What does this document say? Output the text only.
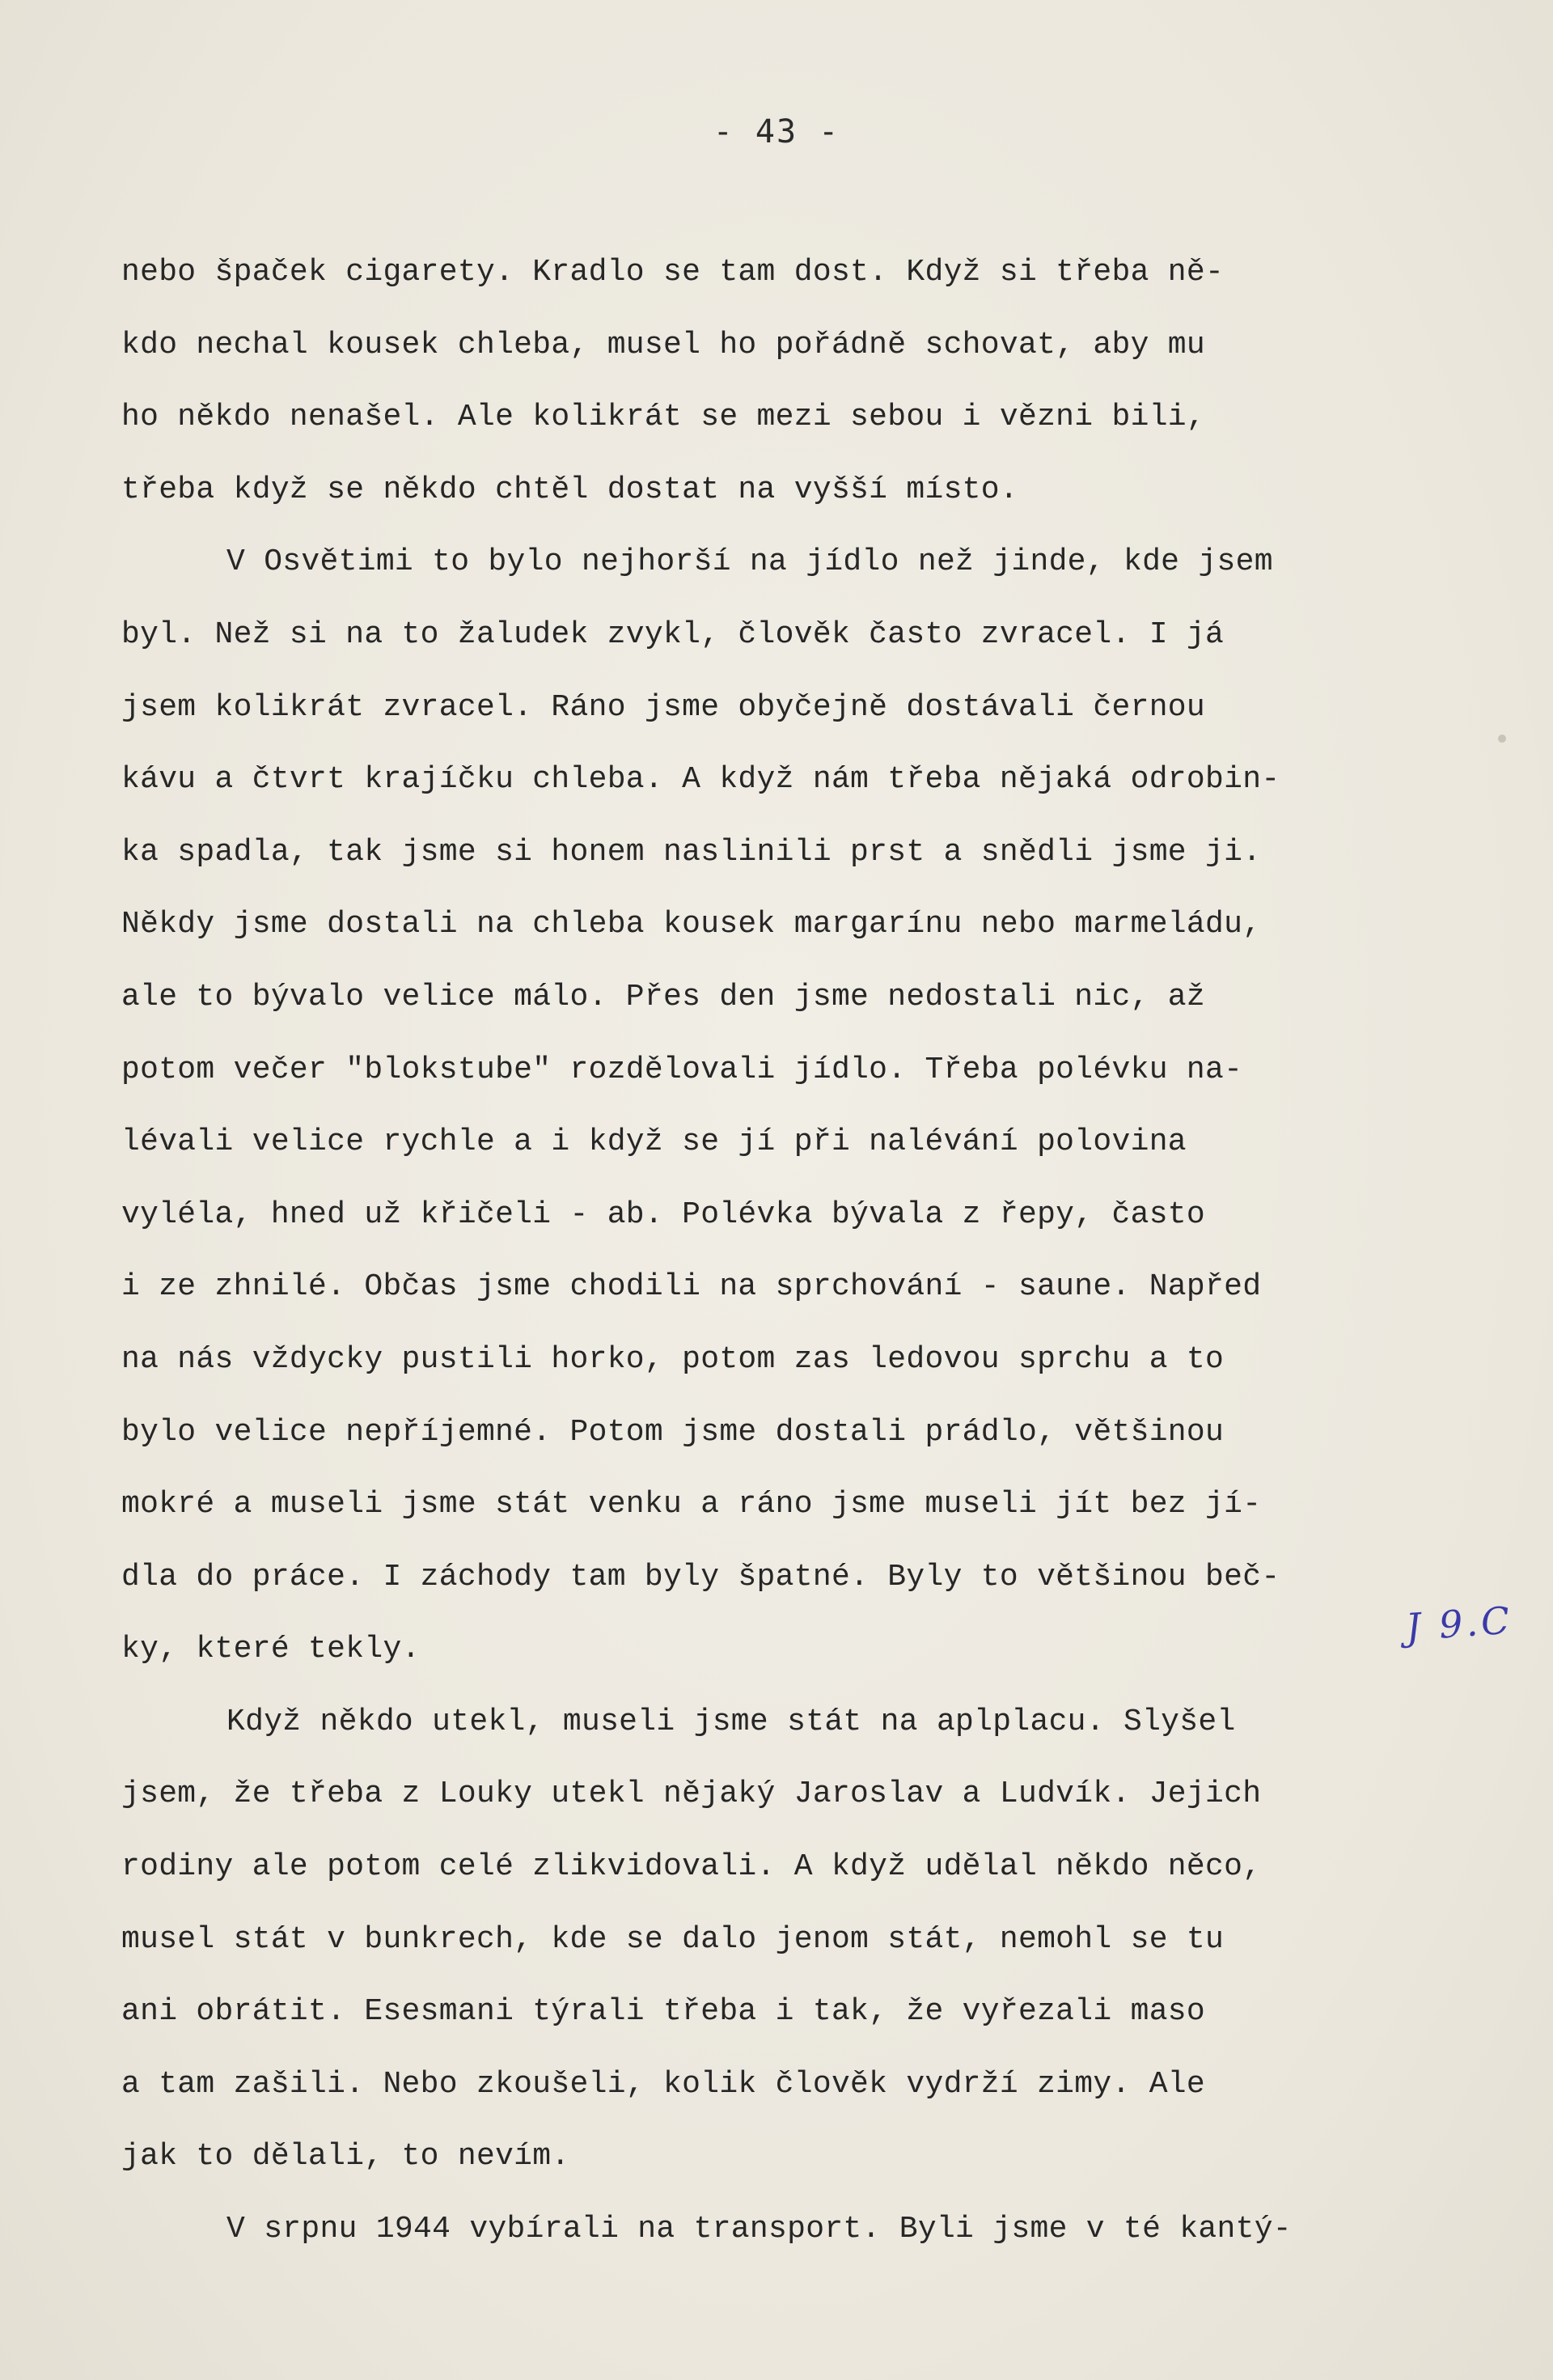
- 43 -
nebo špaček cigarety. Kradlo se tam dost. Když si třeba ně-
kdo nechal kousek chleba, musel ho pořádně schovat, aby mu
ho někdo nenašel. Ale kolikrát se mezi sebou i vězni bili,
třeba když se někdo chtěl dostat na vyšší místo.
V Osvětimi to bylo nejhorší na jídlo než jinde, kde jsem
byl. Než si na to žaludek zvykl, člověk často zvracel. I já
jsem kolikrát zvracel. Ráno jsme obyčejně dostávali černou
kávu a čtvrt krajíčku chleba. A když nám třeba nějaká odrobin-
ka spadla, tak jsme si honem naslinili prst a snědli jsme ji.
Někdy jsme dostali na chleba kousek margarínu nebo marmeládu,
ale to bývalo velice málo. Přes den jsme nedostali nic, až
potom večer "blokstube" rozdělovali jídlo. Třeba polévku na-
lévali velice rychle a i když se jí při nalévání polovina
vyléla, hned už křičeli - ab. Polévka bývala z řepy, často
i ze zhnilé. Občas jsme chodili na sprchování - saune. Napřed
na nás vždycky pustili horko, potom zas ledovou sprchu a to
bylo velice nepříjemné. Potom jsme dostali prádlo, většinou
mokré a museli jsme stát venku a ráno jsme museli jít bez jí-
dla do práce. I záchody tam byly špatné. Byly to většinou beč-
ky, které tekly.
Když někdo utekl, museli jsme stát na aplplacu. Slyšel
jsem, že třeba z Louky utekl nějaký Jaroslav a Ludvík. Jejich
rodiny ale potom celé zlikvidovali. A když udělal někdo něco,
musel stát v bunkrech, kde se dalo jenom stát, nemohl se tu
ani obrátit. Esesmani týrali třeba i tak, že vyřezali maso
a tam zašili. Nebo zkoušeli, kolik člověk vydrží zimy. Ale
jak to dělali, to nevím.
V srpnu 1944 vybírali na transport. Byli jsme v té kantý-
J 9.C
